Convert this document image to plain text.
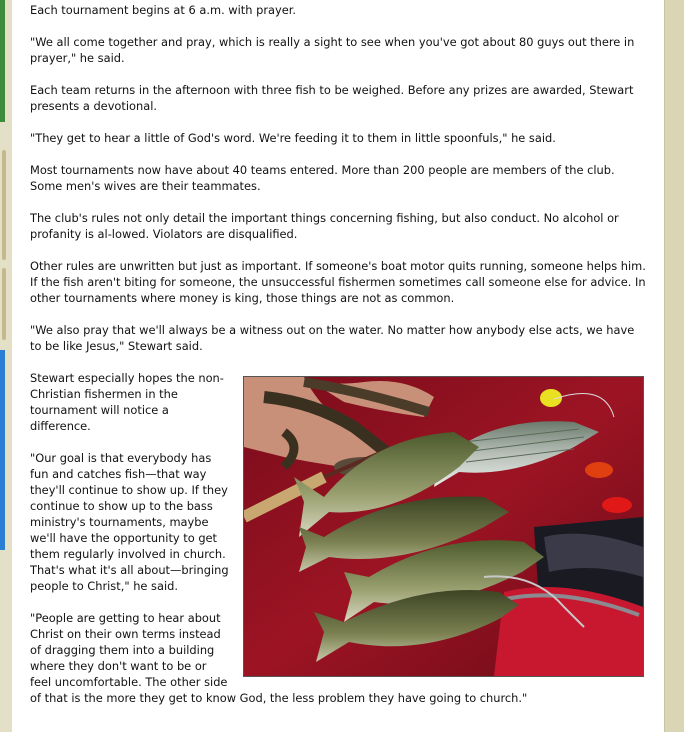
Each tournament begins at 6 a.m. with prayer.

"We all come together and pray, which is really a sight to see when you've got about 80 guys out there in prayer," he said.

Each team returns in the afternoon with three fish to be weighed. Before any prizes are awarded, Stewart presents a devotional.

"They get to hear a little of God's word. We're feeding it to them in little spoonfuls," he said.

Most tournaments now have about 40 teams entered. More than 200 people are members of the club. Some men's wives are their teammates.

The club's rules not only detail the important things concerning fishing, but also conduct. No alcohol or profanity is al-lowed. Violators are disqualified.

Other rules are unwritten but just as important. If someone's boat motor quits running, someone helps him. If the fish aren't biting for someone, the unsuccessful fishermen sometimes call someone else for advice. In other tournaments where money is king, those things are not as common.

"We also pray that we'll always be a witness out on the water. No matter how anybody else acts, we have to be like Jesus," Stewart said.

Stewart especially hopes the non-Christian fishermen in the tournament will notice a difference.

"Our goal is that everybody has fun and catches fish—that way they'll continue to show up. If they continue to show up to the bass ministry's tournaments, maybe we'll have the opportunity to get them regularly involved in church. That's what it's all about—bringing people to Christ," he said.

"People are getting to hear about Christ on their own terms instead of dragging them into a building where they don't want to be or feel uncomfortable. The other side of that is the more they get to know God, the less problem they have going to church."
